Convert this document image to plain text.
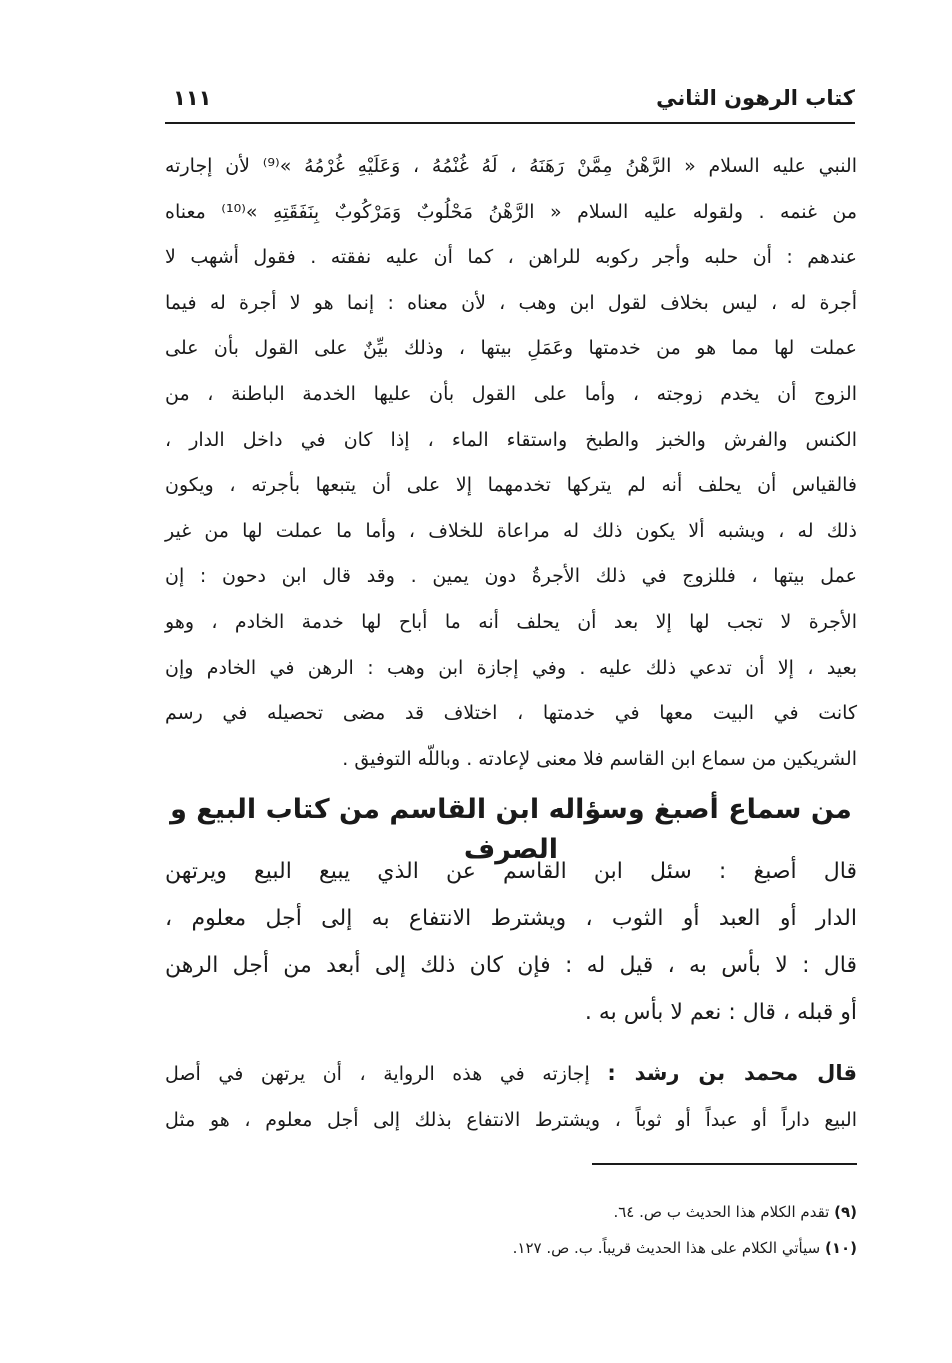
كتاب الرهون الثاني
١١١
النبي عليه السلام « الرَّهْنُ مِمَّنْ رَهَنَهُ ، لَهُ غُنْمُهُ ، وَعَلَيْهِ غُرْمُهُ »⁽⁹⁾ لأن إجارته
من غنمه . ولقوله عليه السلام « الرَّهْنُ مَحْلُوبٌ وَمَرْكُوبٌ بِنَفَقَتِهِ »⁽¹⁰⁾ معناه
عندهم : أن حلبه وأجر ركوبه للراهن ، كما أن عليه نفقته . فقول أشهب لا
أجرة له ، ليس بخلاف لقول ابن وهب ، لأن معناه : إنما هو لا أجرة له فيما
عملت لها مما هو من خدمتها وعَمَلِ بيتها ، وذلك بيِّنٌ على القول بأن على
الزوج أن يخدم زوجته ، وأما على القول بأن عليها الخدمة الباطنة ، من
الكنس والفرش والخبز والطبخ واستقاء الماء ، إذا كان في داخل الدار ،
فالقياس أن يحلف أنه لم يتركها تخدمهما إلا على أن يتبعها بأجرته ، ويكون
ذلك له ، ويشبه ألا يكون ذلك له مراعاة للخلاف ، وأما ما عملت لها من غير
عمل بيتها ، فللزوج في ذلك الأجرةُ دون يمين . وقد قال ابن دحون : إن
الأجرة لا تجب لها إلا بعد أن يحلف أنه ما أباح لها خدمة الخادم ، وهو
بعيد ، إلا أن تدعي ذلك عليه . وفي إجازة ابن وهب : الرهن في الخادم وإن
كانت في البيت معها في خدمتها ، اختلاف قد مضى تحصيله في رسم
الشريكين من سماع ابن القاسم فلا معنى لإعادته . وباللّه التوفيق .
من سماع أصبغ وسؤاله ابن القاسم من كتاب البيع و الصرف
قال أصبغ : سئل ابن القاسم عن الذي يبيع البيع ويرتهن
الدار أو العبد أو الثوب ، ويشترط الانتفاع به إلى أجل معلوم ،
قال : لا بأس به ، قيل له : فإن كان ذلك إلى أبعد من أجل الرهن
أو قبله ، قال : نعم لا بأس به .
قال محمد بن رشد : إجازته في هذه الرواية ، أن يرتهن في أصل
البيع داراً أو عبداً أو ثوباً ، ويشترط الانتفاع بذلك إلى أجل معلوم ، هو مثل
(٩) تقدم الكلام هذا الحديث ب ص. ٦٤.
(١٠) سيأتي الكلام على هذا الحديث قريباً. ب. ص. ١٢٧.
